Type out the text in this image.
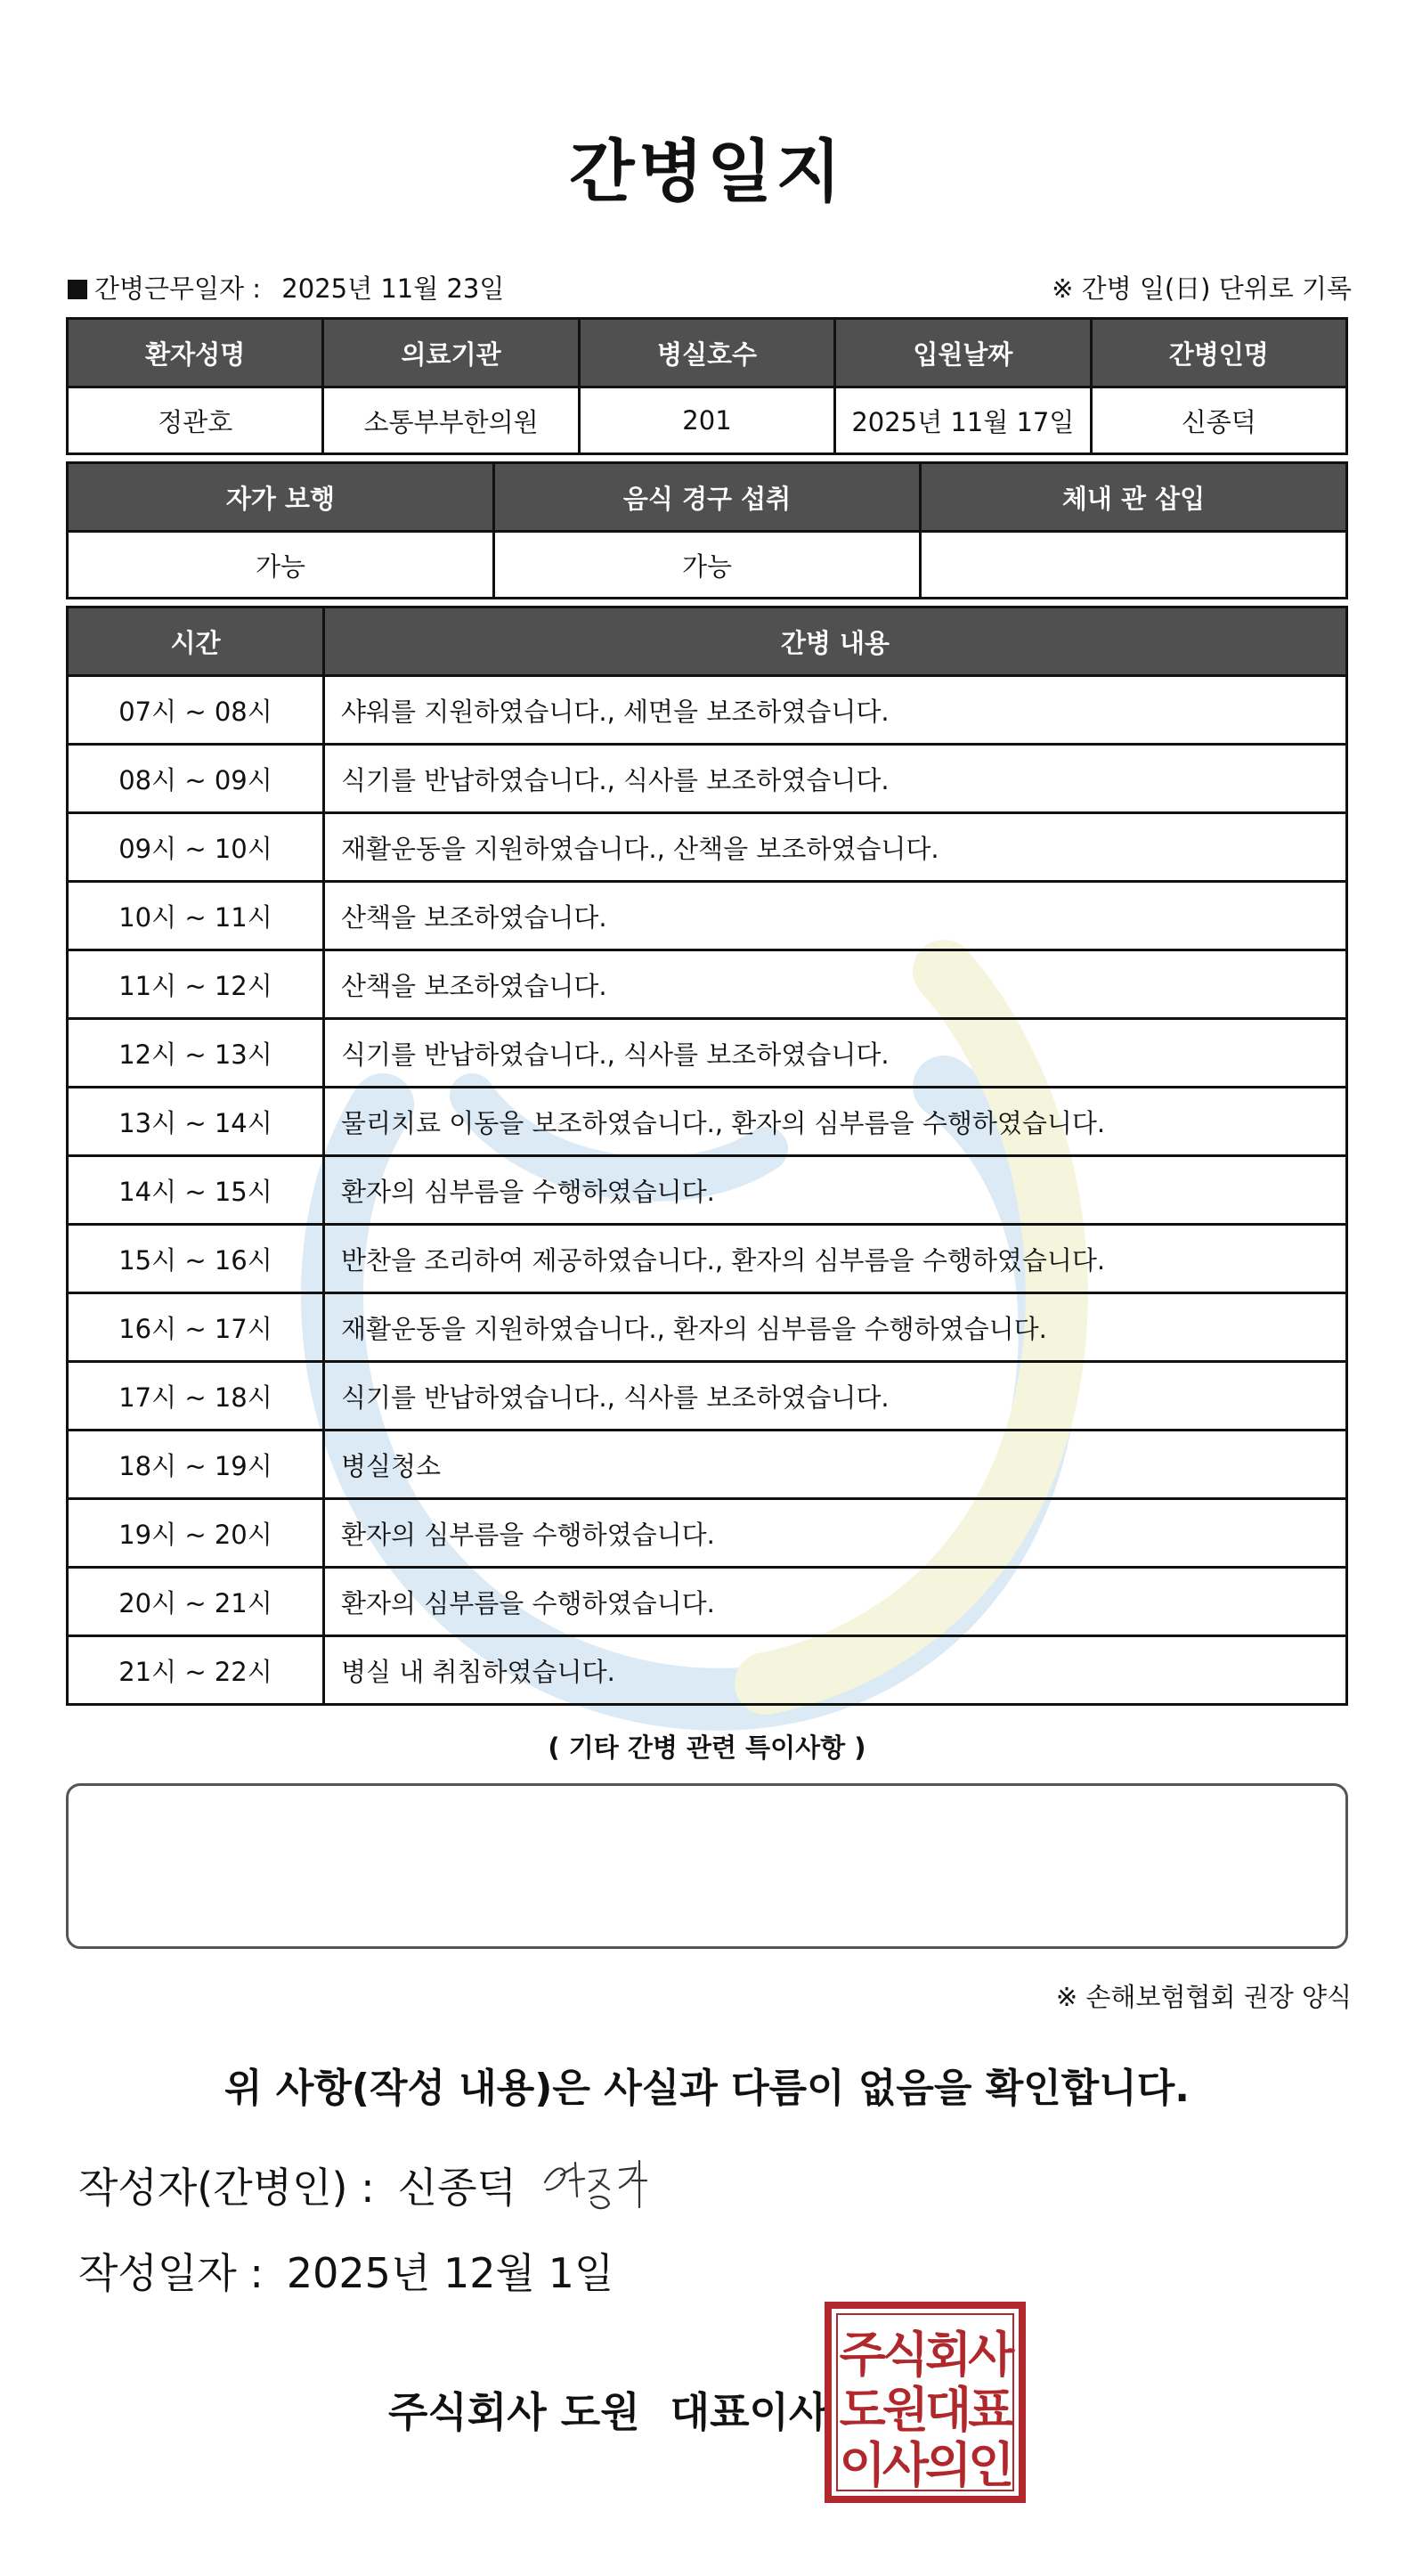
간병일지
간병근무일자 : 2025년 11월 23일	※ 간병 일(日) 단위로 기록
환자성명	의료기관	병실호수	입원날짜	간병인명
정관호	소통부부한의원	201	2025년 11월 17일	신종덕
자가 보행	음식 경구 섭취	체내 관 삽입
가능	가능	
시간	간병 내용
07시 ~ 08시	샤워를 지원하였습니다., 세면을 보조하였습니다.
08시 ~ 09시	식기를 반납하였습니다., 식사를 보조하였습니다.
09시 ~ 10시	재활운동을 지원하였습니다., 산책을 보조하였습니다.
10시 ~ 11시	산책을 보조하였습니다.
11시 ~ 12시	산책을 보조하였습니다.
12시 ~ 13시	식기를 반납하였습니다., 식사를 보조하였습니다.
13시 ~ 14시	물리치료 이동을 보조하였습니다., 환자의 심부름을 수행하였습니다.
14시 ~ 15시	환자의 심부름을 수행하였습니다.
15시 ~ 16시	반찬을 조리하여 제공하였습니다., 환자의 심부름을 수행하였습니다.
16시 ~ 17시	재활운동을 지원하였습니다., 환자의 심부름을 수행하였습니다.
17시 ~ 18시	식기를 반납하였습니다., 식사를 보조하였습니다.
18시 ~ 19시	병실청소
19시 ~ 20시	환자의 심부름을 수행하였습니다.
20시 ~ 21시	환자의 심부름을 수행하였습니다.
21시 ~ 22시	병실 내 취침하였습니다.
( 기타 간병 관련 특이사항 )
※ 손해보험협회 권장 양식
위 사항(작성 내용)은 사실과 다름이 없음을 확인합니다.
작성자(간병인) : 신종덕
작성일자 : 2025년 12월 1일
주식회사 도원 대표이사
주식회사
도원대표
이사의인
